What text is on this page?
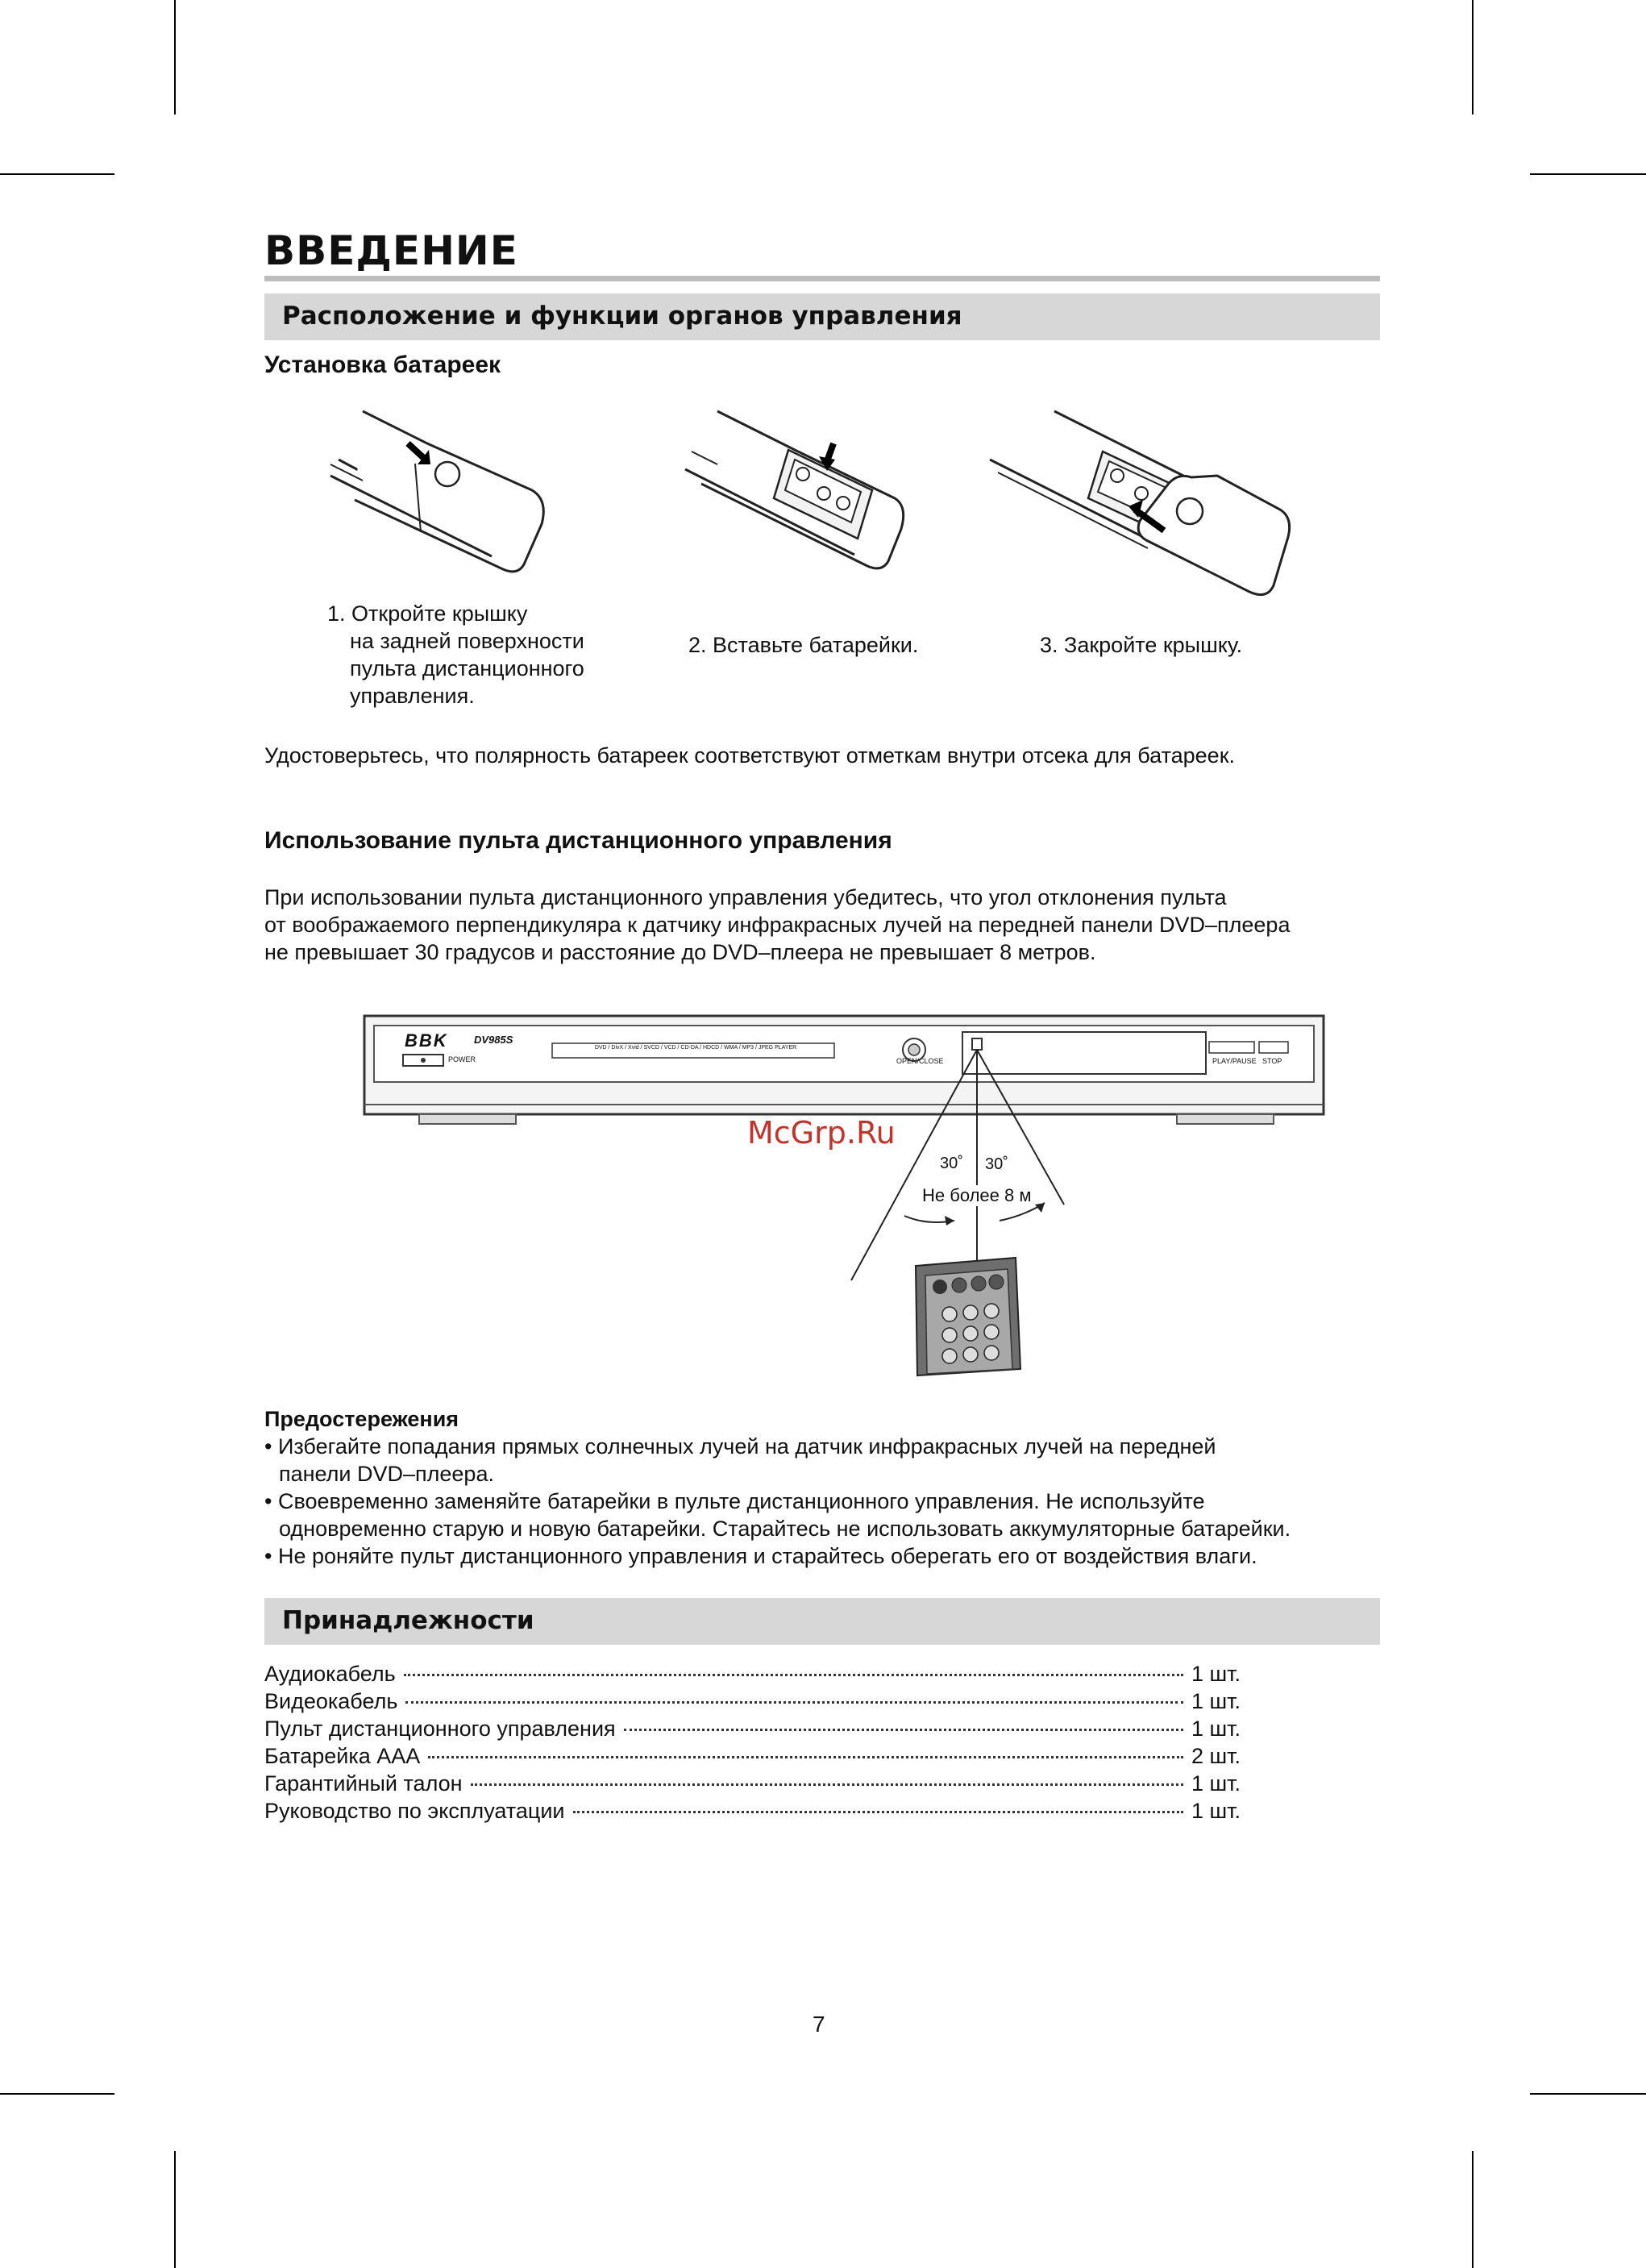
ВВЕДЕНИЕ
Расположение и функции органов управления
Установка батареек
1. Откройте крышку
на задней поверхности
пульта дистанционного
управления.
2. Вставьте батарейки.	3. Закройте крышку.
Удостоверьтесь, что полярность батареек соответствуют отметкам внутри отсека для батареек.
Использование пульта дистанционного управления
При использовании пульта дистанционного управления убедитесь, что угол отклонения пульта
от воображаемого перпендикуляра к датчику инфракрасных лучей на передней панели DVD–плеера
не превышает 30 градусов и расстояние до DVD–плеера не превышает 8 метров.
BBK DV985S
POWER
DVD / DivX / Xvid / SVCD / VCD / CD-DA / HDCD / WMA / MP3 / JPEG PLAYER
OPEN/CLOSE	PLAY/PAUSE STOP
30˚ 30˚
Не более 8 м
McGrp.Ru
Предостережения
• Избегайте попадания прямых солнечных лучей на датчик инфракрасных лучей на передней
панели DVD–плеера.
• Своевременно заменяйте батарейки в пульте дистанционного управления. Не используйте
одновременно старую и новую батарейки. Старайтесь не использовать аккумуляторные батарейки.
• Не роняйте пульт дистанционного управления и старайтесь оберегать его от воздействия влаги.
Принадлежности
Аудиокабель	1 шт.
Видеокабель	1 шт.
Пульт дистанционного управления	1 шт.
Батарейка ААА	2 шт.
Гарантийный талон	1 шт.
Руководство по эксплуатации	1 шт.
7
